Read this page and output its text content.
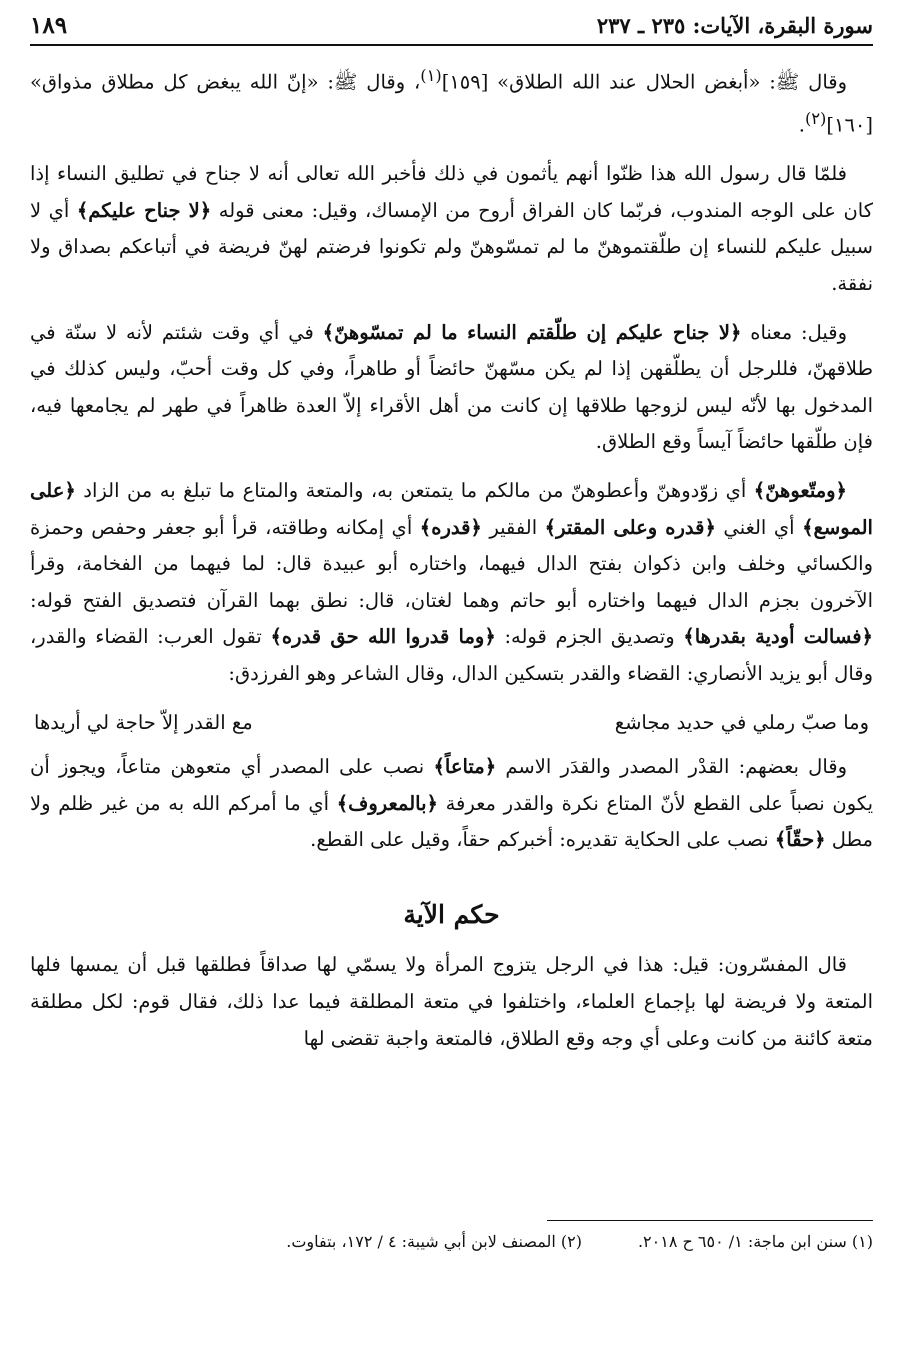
سورة البقرة، الآيات: ٢٣٥ ـ ٢٣٧
١٨٩

وقال ﷺ: «أبغض الحلال عند الله الطلاق» [١٥٩]$^{(١)}$، وقال ﷺ: «إنّ الله يبغض كل مطلاق مذواق» [١٦٠]$^{(٢)}$.

فلمّا قال رسول الله هذا ظنّوا أنهم يأثمون في ذلك فأخبر الله تعالى أنه لا جناح في تطليق النساء إذا كان على الوجه المندوب، فربّما كان الفراق أروح من الإمساك، وقيل: معنى قوله ﴿لا جناح عليكم﴾ أي لا سبيل عليكم للنساء إن طلّقتموهنّ ما لم تمسّوهنّ ولم تكونوا فرضتم لهنّ فريضة في أتباعكم بصداق ولا نفقة.

وقيل: معناه ﴿لا جناح عليكم إن طلّقتم النساء ما لم تمسّوهنّ﴾ في أي وقت شئتم لأنه لا سنّة في طلاقهنّ، فللرجل أن يطلّقهن إذا لم يكن مسّهنّ حائضاً أو طاهراً، وفي كل وقت أحبّ، وليس كذلك في المدخول بها لأنّه ليس لزوجها طلاقها إن كانت من أهل الأقراء إلاّ العدة ظاهراً في طهر لم يجامعها فيه، فإن طلّقها حائضاً آيساً وقع الطلاق.

﴿ومتّعوهنّ﴾ أي زوّدوهنّ وأعطوهنّ من مالكم ما يتمتعن به، والمتعة والمتاع ما تبلغ به من الزاد ﴿على الموسع﴾ أي الغني ﴿قدره وعلى المقتر﴾ الفقير ﴿قدره﴾ أي إمكانه وطاقته، قرأ أبو جعفر وحفص وحمزة والكسائي وخلف وابن ذكوان بفتح الدال فيهما، واختاره أبو عبيدة قال: لما فيهما من الفخامة، وقرأ الآخرون بجزم الدال فيهما واختاره أبو حاتم وهما لغتان، قال: نطق بهما القرآن فتصديق الفتح قوله: ﴿فسالت أودية بقدرها﴾ وتصديق الجزم قوله: ﴿وما قدروا الله حق قدره﴾ تقول العرب: القضاء والقدر، وقال أبو يزيد الأنصاري: القضاء والقدر بتسكين الدال، وقال الشاعر وهو الفرزدق:

وما صبّ رملي في حديد مجاشع
مع القدر إلاّ حاجة لي أريدها

وقال بعضهم: القدْر المصدر والقدَر الاسم ﴿متاعاً﴾ نصب على المصدر أي متعوهن متاعاً، ويجوز أن يكون نصباً على القطع لأنّ المتاع نكرة والقدر معرفة ﴿بالمعروف﴾ أي ما أمركم الله به من غير ظلم ولا مطل ﴿حقّاً﴾ نصب على الحكاية تقديره: أخبركم حقاً، وقيل على القطع.

حكم الآية

قال المفسّرون: قيل: هذا في الرجل يتزوج المرأة ولا يسمّي لها صداقاً فطلقها قبل أن يمسها فلها المتعة ولا فريضة لها بإجماع العلماء، واختلفوا في متعة المطلقة فيما عدا ذلك، فقال قوم: لكل مطلقة متعة كائنة من كانت وعلى أي وجه وقع الطلاق، فالمتعة واجبة تقضى لها

(١) سنن ابن ماجة: ١/ ٦٥٠ ح ٢٠١٨.
(٢) المصنف لابن أبي شيبة: ٤ / ١٧٢، بتفاوت.
